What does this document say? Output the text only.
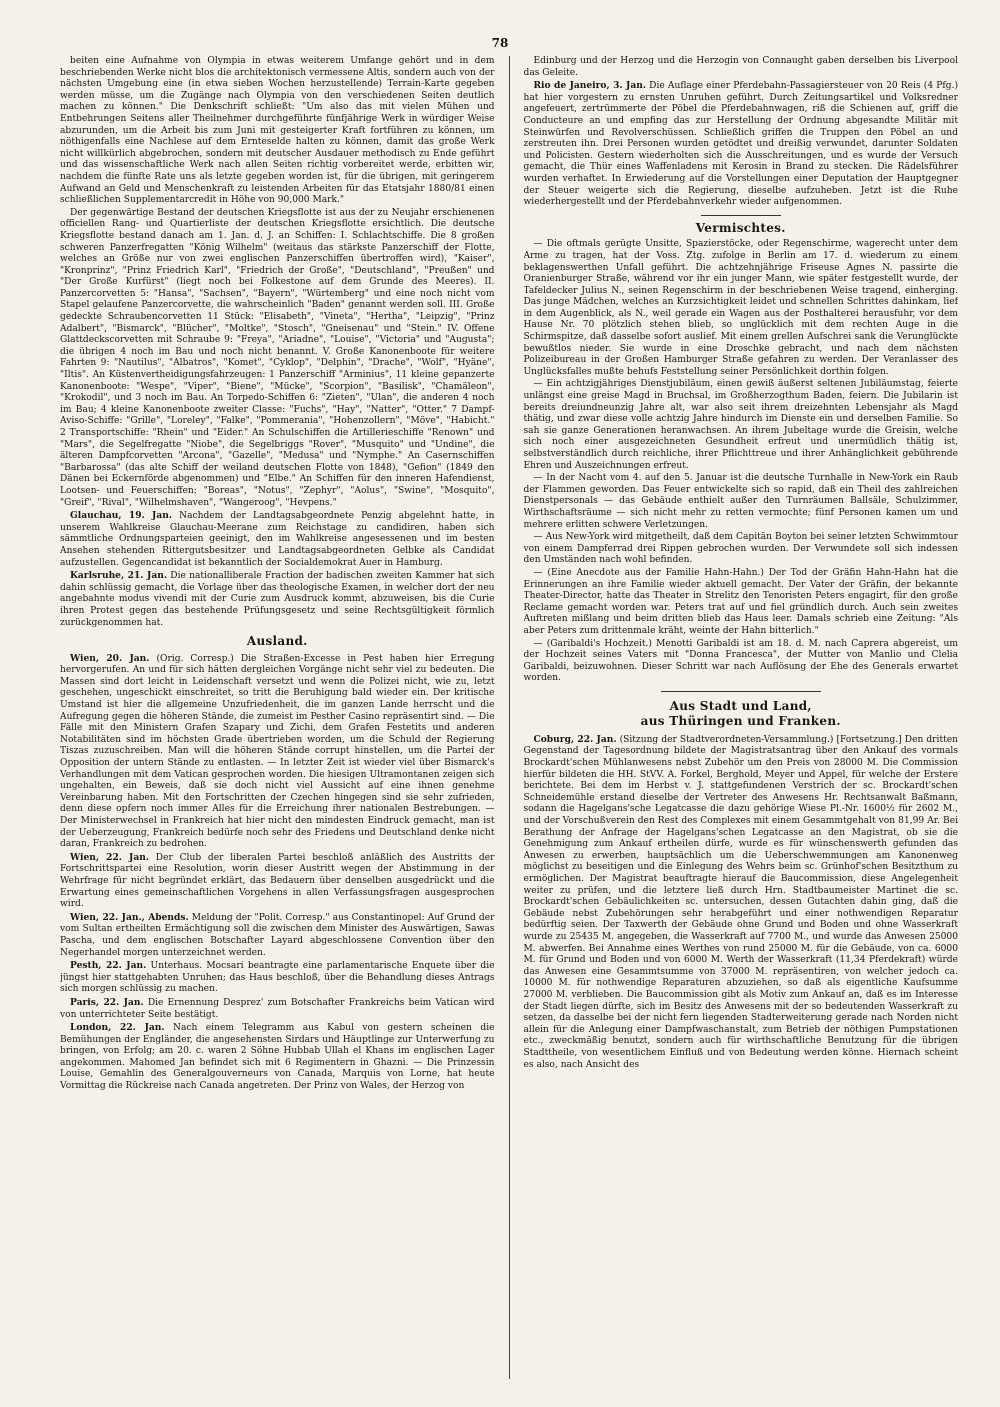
78

beiten eine Aufnahme von Olympia in etwas weiterem Umfange gehört und in dem beschriebenden Werke nicht blos die architektonisch vermessene Altis, sondern auch von der nächsten Umgebung eine (in etwa sieben Wochen herzustellende) Terrain-Karte gegeben werden müsse, um die Zugänge nach Olympia von den verschiedenen Seiten deutlich machen zu können." Die Denkschrift schließt: "Um also das mit vielen Mühen und Entbehrungen Seitens aller Theilnehmer durchgeführte fünfjährige Werk in würdiger Weise abzurunden, um die Arbeit bis zum Juni mit gesteigerter Kraft fortführen zu können, um nöthigenfalls eine Nachlese auf dem Ernteselde halten zu können, damit das große Werk nicht willkürlich abgebrochen, sondern mit deutscher Ausdauer methodisch zu Ende geführt und das wissenschaftliche Werk nach allen Seiten richtig vorbereitet werde, erbitten wir, nachdem die fünfte Rate uns als letzte gegeben worden ist, für die übrigen, mit geringerem Aufwand an Geld und Menschenkraft zu leistenden Arbeiten für das Etatsjahr 1880/81 einen schließlichen Supplementarcredit in Höhe von 90,000 Mark."

Der gegenwärtige Bestand der deutschen Kriegsflotte ist aus der zu Neujahr erschienenen officiellen Rang- und Quartierliste der deutschen Kriegsflotte ersichtlich. Die deutsche Kriegsflotte bestand danach am 1. Jan. d. J. an Schiffen: I. Schlachtschiffe. Die 8 großen schweren Panzerfregatten "König Wilhelm" (weitaus das stärkste Panzerschiff der Flotte, welches an Größe nur von zwei englischen Panzerschiffen übertroffen wird), "Kaiser", "Kronprinz", "Prinz Friedrich Karl", "Friedrich der Große", "Deutschland", "Preußen" und "Der Große Kurfürst" (liegt noch bei Folkestone auf dem Grunde des Meeres). II. Panzercorvetten 5: "Hansa", "Sachsen", "Bayern", "Würtemberg" und eine noch nicht vom Stapel gelaufene Panzercorvette, die wahrscheinlich "Baden" genannt werden soll. III. Große gedeckte Schraubencorvetten 11 Stück: "Elisabeth", "Vineta", "Hertha", "Leipzig", "Prinz Adalbert", "Bismarck", "Blücher", "Moltke", "Stosch", "Gneisenau" und "Stein." IV. Offene Glattdeckscorvetten mit Schraube 9: "Freya", "Ariadne", "Louise", "Victoria" und "Augusta"; die übrigen 4 noch im Bau und noch nicht benannt. V. Große Kanonenboote für weitere Fahrten 9: "Nautilus", "Albatros", "Komet", "Cyklop", "Delphin", "Drache", "Wolf", "Hyäne", "Iltis". An Küstenvertheidigungsfahrzeugen: 1 Panzerschiff "Arminius", 11 kleine gepanzerte Kanonenboote: "Wespe", "Viper", "Biene", "Mücke", "Scorpion", "Basilisk", "Chamäleon", "Krokodil", und 3 noch im Bau. An Torpedo-Schiffen 6: "Zieten", "Ulan", die anderen 4 noch im Bau; 4 kleine Kanonenboote zweiter Classe: "Fuchs", "Hay", "Natter", "Otter." 7 Dampf-Aviso-Schiffe: "Grille", "Loreley", "Falke", "Pommerania", "Hohenzollern", "Möve", "Habicht." 2 Transportschiffe: "Rhein" und "Eider." An Schulschiffen die Artillerieschiffe "Renown" und "Mars", die Segelfregatte "Niobe", die Segelbriggs "Rover", "Musquito" und "Undine", die älteren Dampfcorvetten "Arcona", "Gazelle", "Medusa" und "Nymphe." An Casernschiffen "Barbarossa" (das alte Schiff der weiland deutschen Flotte von 1848), "Gefion" (1849 den Dänen bei Eckernförde abgenommen) und "Elbe." An Schiffen für den inneren Hafendienst, Lootsen- und Feuerschiffen: "Boreas", "Notus", "Zephyr", "Aolus", "Swine", "Mosquito", "Greif", "Rival", "Wilhelmshaven", "Wangeroog", "Hevpens."

Glauchau, 19. Jan. Nachdem der Landtagsabgeordnete Penzig abgelehnt hatte, in unserem Wahlkreise Glauchau-Meerane zum Reichstage zu candidiren, haben sich sämmtliche Ordnungsparteien geeinigt, den im Wahlkreise angesessenen und im besten Ansehen stehenden Rittergutsbesitzer und Landtagsabgeordneten Gelbke als Candidat aufzustellen. Gegencandidat ist bekanntlich der Socialdemokrat Auer in Hamburg.

Karlsruhe, 21. Jan. Die nationalliberale Fraction der badischen zweiten Kammer hat sich dahin schlüssig gemacht, die Vorlage über das theologische Examen, in welcher dort der neu angebahnte modus vivendi mit der Curie zum Ausdruck kommt, abzuweisen, bis die Curie ihren Protest gegen das bestehende Prüfungsgesetz und seine Rechtsgültigkeit förmlich zurückgenommen hat.

Ausland.

Wien, 20. Jan. (Orig. Corresp.) Die Straßen-Excesse in Pest haben hier Erregung hervorgerufen. An und für sich hätten dergleichen Vorgänge nicht sehr viel zu bedeuten. Die Massen sind dort leicht in Leidenschaft versetzt und wenn die Polizei nicht, wie zu, letzt geschehen, ungeschickt einschreitet, so tritt die Beruhigung bald wieder ein. Der kritische Umstand ist hier die allgemeine Unzufriedenheit, die im ganzen Lande herrscht und die Aufregung gegen die höheren Stände, die zumeist im Pesther Casino repräsentirt sind. — Die Fälle mit den Ministern Grafen Szapary und Zichi, dem Grafen Festetits und anderen Notabilitäten sind im höchsten Grade übertrieben worden, um die Schuld der Regierung Tiszas zuzuschreiben. Man will die höheren Stände corrupt hinstellen, um die Partei der Opposition der untern Stände zu entlasten. — In letzter Zeit ist wieder viel über Bismarck's Verhandlungen mit dem Vatican gesprochen worden. Die hiesigen Ultramontanen zeigen sich ungehalten, ein Beweis, daß sie doch nicht viel Aussicht auf eine ihnen genehme Vereinbarung haben. Mit den Fortschritten der Czechen hingegen sind sie sehr zufrieden, denn diese opfern noch immer Alles für die Erreichung ihrer nationalen Bestrebungen. — Der Ministerwechsel in Frankreich hat hier nicht den mindesten Eindruck gemacht, man ist der Ueberzeugung, Frankreich bedürfe noch sehr des Friedens und Deutschland denke nicht daran, Frankreich zu bedrohen.

Wien, 22. Jan. Der Club der liberalen Partei beschloß anläßlich des Austritts der Fortschrittspartei eine Resolution, worin dieser Austritt wegen der Abstimmung in der Wehrfrage für nicht begründet erklärt, das Bedauern über denselben ausgedrückt und die Erwartung eines gemeinschaftlichen Vorgehens in allen Verfassungsfragen ausgesprochen wird.

Wien, 22. Jan., Abends. Meldung der "Polit. Corresp." aus Constantinopel: Auf Grund der vom Sultan ertheilten Ermächtigung soll die zwischen dem Minister des Auswärtigen, Sawas Pascha, und dem englischen Botschafter Layard abgeschlossene Convention über den Negerhandel morgen unterzeichnet werden.

Pesth, 22. Jan. Unterhaus. Mocsari beantragte eine parlamentarische Enquete über die jüngst hier stattgehabten Unruhen; das Haus beschloß, über die Behandlung dieses Antrags sich morgen schlüssig zu machen.

Paris, 22. Jan. Die Ernennung Desprez' zum Botschafter Frankreichs beim Vatican wird von unterrichteter Seite bestätigt.

London, 22. Jan. Nach einem Telegramm aus Kabul von gestern scheinen die Bemühungen der Engländer, die angesehensten Sirdars und Häuptlinge zur Unterwerfung zu bringen, von Erfolg; am 20. c. waren 2 Söhne Hubbab Ullah el Khans im englischen Lager angekommen. Mahomed Jan befindet sich mit 6 Regimentern in Ghazni. — Die Prinzessin Louise, Gemahlin des Generalgouverneurs von Canada, Marquis von Lorne, hat heute Vormittag die Rückreise nach Canada angetreten. Der Prinz von Wales, der Herzog von

Edinburg und der Herzog und die Herzogin von Connaught gaben derselben bis Liverpool das Geleite.

Rio de Janeiro, 3. Jan. Die Auflage einer Pferdebahn-Passagiersteuer von 20 Reis (4 Pfg.) hat hier vorgestern zu ernsten Unruhen geführt. Durch Zeitungsartikel und Volksredner angefeuert, zertrümmerte der Pöbel die Pferdebahnwagen, riß die Schienen auf, griff die Conducteure an und empfing das zur Herstellung der Ordnung abgesandte Militär mit Steinwürfen und Revolverschüssen. Schließlich griffen die Truppen den Pöbel an und zerstreuten ihn. Drei Personen wurden getödtet und dreißig verwundet, darunter Soldaten und Policisten. Gestern wiederholten sich die Ausschreitungen, und es wurde der Versuch gemacht, die Thür eines Waffenladens mit Kerosin in Brand zu stecken. Die Rädelsführer wurden verhaftet. In Erwiederung auf die Vorstellungen einer Deputation der Hauptgegner der Steuer weigerte sich die Regierung, dieselbe aufzuheben. Jetzt ist die Ruhe wiederhergestellt und der Pferdebahnverkehr wieder aufgenommen.

Vermischtes.

— Die oftmals gerügte Unsitte, Spazierstöcke, oder Regenschirme, wagerecht unter dem Arme zu tragen, hat der Voss. Ztg. zufolge in Berlin am 17. d. wiederum zu einem beklagenswerthen Unfall geführt. Die achtzehnjährige Friseuse Agnes N. passirte die Oranienburger Straße, während vor ihr ein junger Mann, wie später festgestellt wurde, der Tafeldecker Julius N., seinen Regenschirm in der beschriebenen Weise tragend, einherging. Das junge Mädchen, welches an Kurzsichtigkeit leidet und schnellen Schrittes dahinkam, lief in dem Augenblick, als N., weil gerade ein Wagen aus der Posthalterei herausfuhr, vor dem Hause Nr. 70 plötzlich stehen blieb, so unglücklich mit dem rechten Auge in die Schirmspitze, daß dasselbe sofort auslief. Mit einem grellen Aufschrei sank die Verunglückte bewußtlos nieder. Sie wurde in eine Droschke gebracht, und nach dem nächsten Polizeibureau in der Großen Hamburger Straße gefahren zu werden. Der Veranlasser des Unglücksfalles mußte behufs Feststellung seiner Persönlichkeit dorthin folgen.

— Ein achtzigjähriges Dienstjubiläum, einen gewiß äußerst seltenen Jubiläumstag, feierte unlängst eine greise Magd in Bruchsal, im Großherzogthum Baden, feiern. Die Jubilarin ist bereits dreiundneunzig Jahre alt, war also seit ihrem dreizehnten Lebensjahr als Magd thätig, und zwar diese volle achtzig Jahre hindurch im Dienste ein und derselben Familie. So sah sie ganze Generationen heranwachsen. An ihrem Jubeltage wurde die Greisin, welche sich noch einer ausgezeichneten Gesundheit erfreut und unermüdlich thätig ist, selbstverständlich durch reichliche, ihrer Pflichttreue und ihrer Anhänglichkeit gebührende Ehren und Auszeichnungen erfreut.

— In der Nacht vom 4. auf den 5. Januar ist die deutsche Turnhalle in New-York ein Raub der Flammen geworden. Das Feuer entwickelte sich so rapid, daß ein Theil des zahlreichen Dienstpersonals — das Gebäude enthielt außer den Turnräumen Ballsäle, Schulzimmer, Wirthschaftsräume — sich nicht mehr zu retten vermochte; fünf Personen kamen um und mehrere erlitten schwere Verletzungen.

— Aus New-York wird mitgetheilt, daß dem Capitän Boyton bei seiner letzten Schwimmtour von einem Dampferrad drei Rippen gebrochen wurden. Der Verwundete soll sich indessen den Umständen nach wohl befinden.

— (Eine Anecdote aus der Familie Hahn-Hahn.) Der Tod der Gräfin Hahn-Hahn hat die Erinnerungen an ihre Familie wieder aktuell gemacht. Der Vater der Gräfin, der bekannte Theater-Director, hatte das Theater in Strelitz den Tenoristen Peters engagirt, für den große Reclame gemacht worden war. Peters trat auf und fiel gründlich durch. Auch sein zweites Auftreten mißlang und beim dritten blieb das Haus leer. Damals schrieb eine Zeitung: "Als aber Peters zum drittenmale kräht, weinte der Hahn bitterlich."

— (Garibaldi's Hochzeit.) Menotti Garibaldi ist am 18. d. M. nach Caprera abgereist, um der Hochzeit seines Vaters mit "Donna Francesca", der Mutter von Manlio und Clelia Garibaldi, beizuwohnen. Dieser Schritt war nach Auflösung der Ehe des Generals erwartet worden.

Aus Stadt und Land,
aus Thüringen und Franken.

Coburg, 22. Jan. (Sitzung der Stadtverordneten-Versammlung.) [Fortsetzung.] Den dritten Gegenstand der Tagesordnung bildete der Magistratsantrag über den Ankauf des vormals Brockardt'schen Mühlanwesens nebst Zubehör um den Preis von 28000 M. Die Commission hierfür bildeten die HH. StVV. A. Forkel, Berghold, Meyer und Appel, für welche der Erstere berichtete. Bei dem im Herbst v. J. stattgefundenen Verstrich der sc. Brockardt'schen Schneidemühle erstand dieselbe der Vertreter des Anwesens Hr. Rechtsanwalt Baßmann, sodann die Hagelgans'sche Legatcasse die dazu gehörige Wiese Pl.-Nr. 1600½ für 2602 M., und der Vorschußverein den Rest des Complexes mit einem Gesammtgehalt von 81,99 Ar. Bei Berathung der Anfrage der Hagelgans'schen Legatcasse an den Magistrat, ob sie die Genehmigung zum Ankauf ertheilen dürfe, wurde es für wünschenswerth gefunden das Anwesen zu erwerben, hauptsächlich um die Ueberschwemmungen am Kanonenweg möglichst zu beseitigen und die Einlegung des Wehrs beim sc. Grünhof'schen Besitzthum zu ermöglichen. Der Magistrat beauftragte hierauf die Baucommission, diese Angelegenheit weiter zu prüfen, und die letztere ließ durch Hrn. Stadtbaumeister Martinet die sc. Brockardt'schen Gebäulichkeiten sc. untersuchen, dessen Gutachten dahin ging, daß die Gebäude nebst Zubehörungen sehr herabgeführt und einer nothwendigen Reparatur bedürftig seien. Der Taxwerth der Gebäude ohne Grund und Boden und ohne Wasserkraft wurde zu 25435 M. angegeben, die Wasserkraft auf 7700 M., und wurde das Anwesen 25000 M. abwerfen. Bei Annahme eines Werthes von rund 25000 M. für die Gebäude, von ca. 6000 M. für Grund und Boden und von 6000 M. Werth der Wasserkraft (11,34 Pferdekraft) würde das Anwesen eine Gesammtsumme von 37000 M. repräsentiren, von welcher jedoch ca. 10000 M. für nothwendige Reparaturen abzuziehen, so daß als eigentliche Kaufsumme 27000 M. verblieben. Die Baucommission gibt als Motiv zum Ankauf an, daß es im Interesse der Stadt liegen dürfte, sich im Besitz des Anwesens mit der so bedeutenden Wasserkraft zu setzen, da dasselbe bei der nicht fern liegenden Stadterweiterung gerade nach Norden nicht allein für die Anlegung einer Dampfwaschanstalt, zum Betrieb der nöthigen Pumpstationen etc., zweckmäßig benutzt, sondern auch für wirthschaftliche Benutzung für die übrigen Stadttheile, von wesentlichem Einfluß und von Bedeutung werden könne. Hiernach scheint es also, nach Ansicht des
